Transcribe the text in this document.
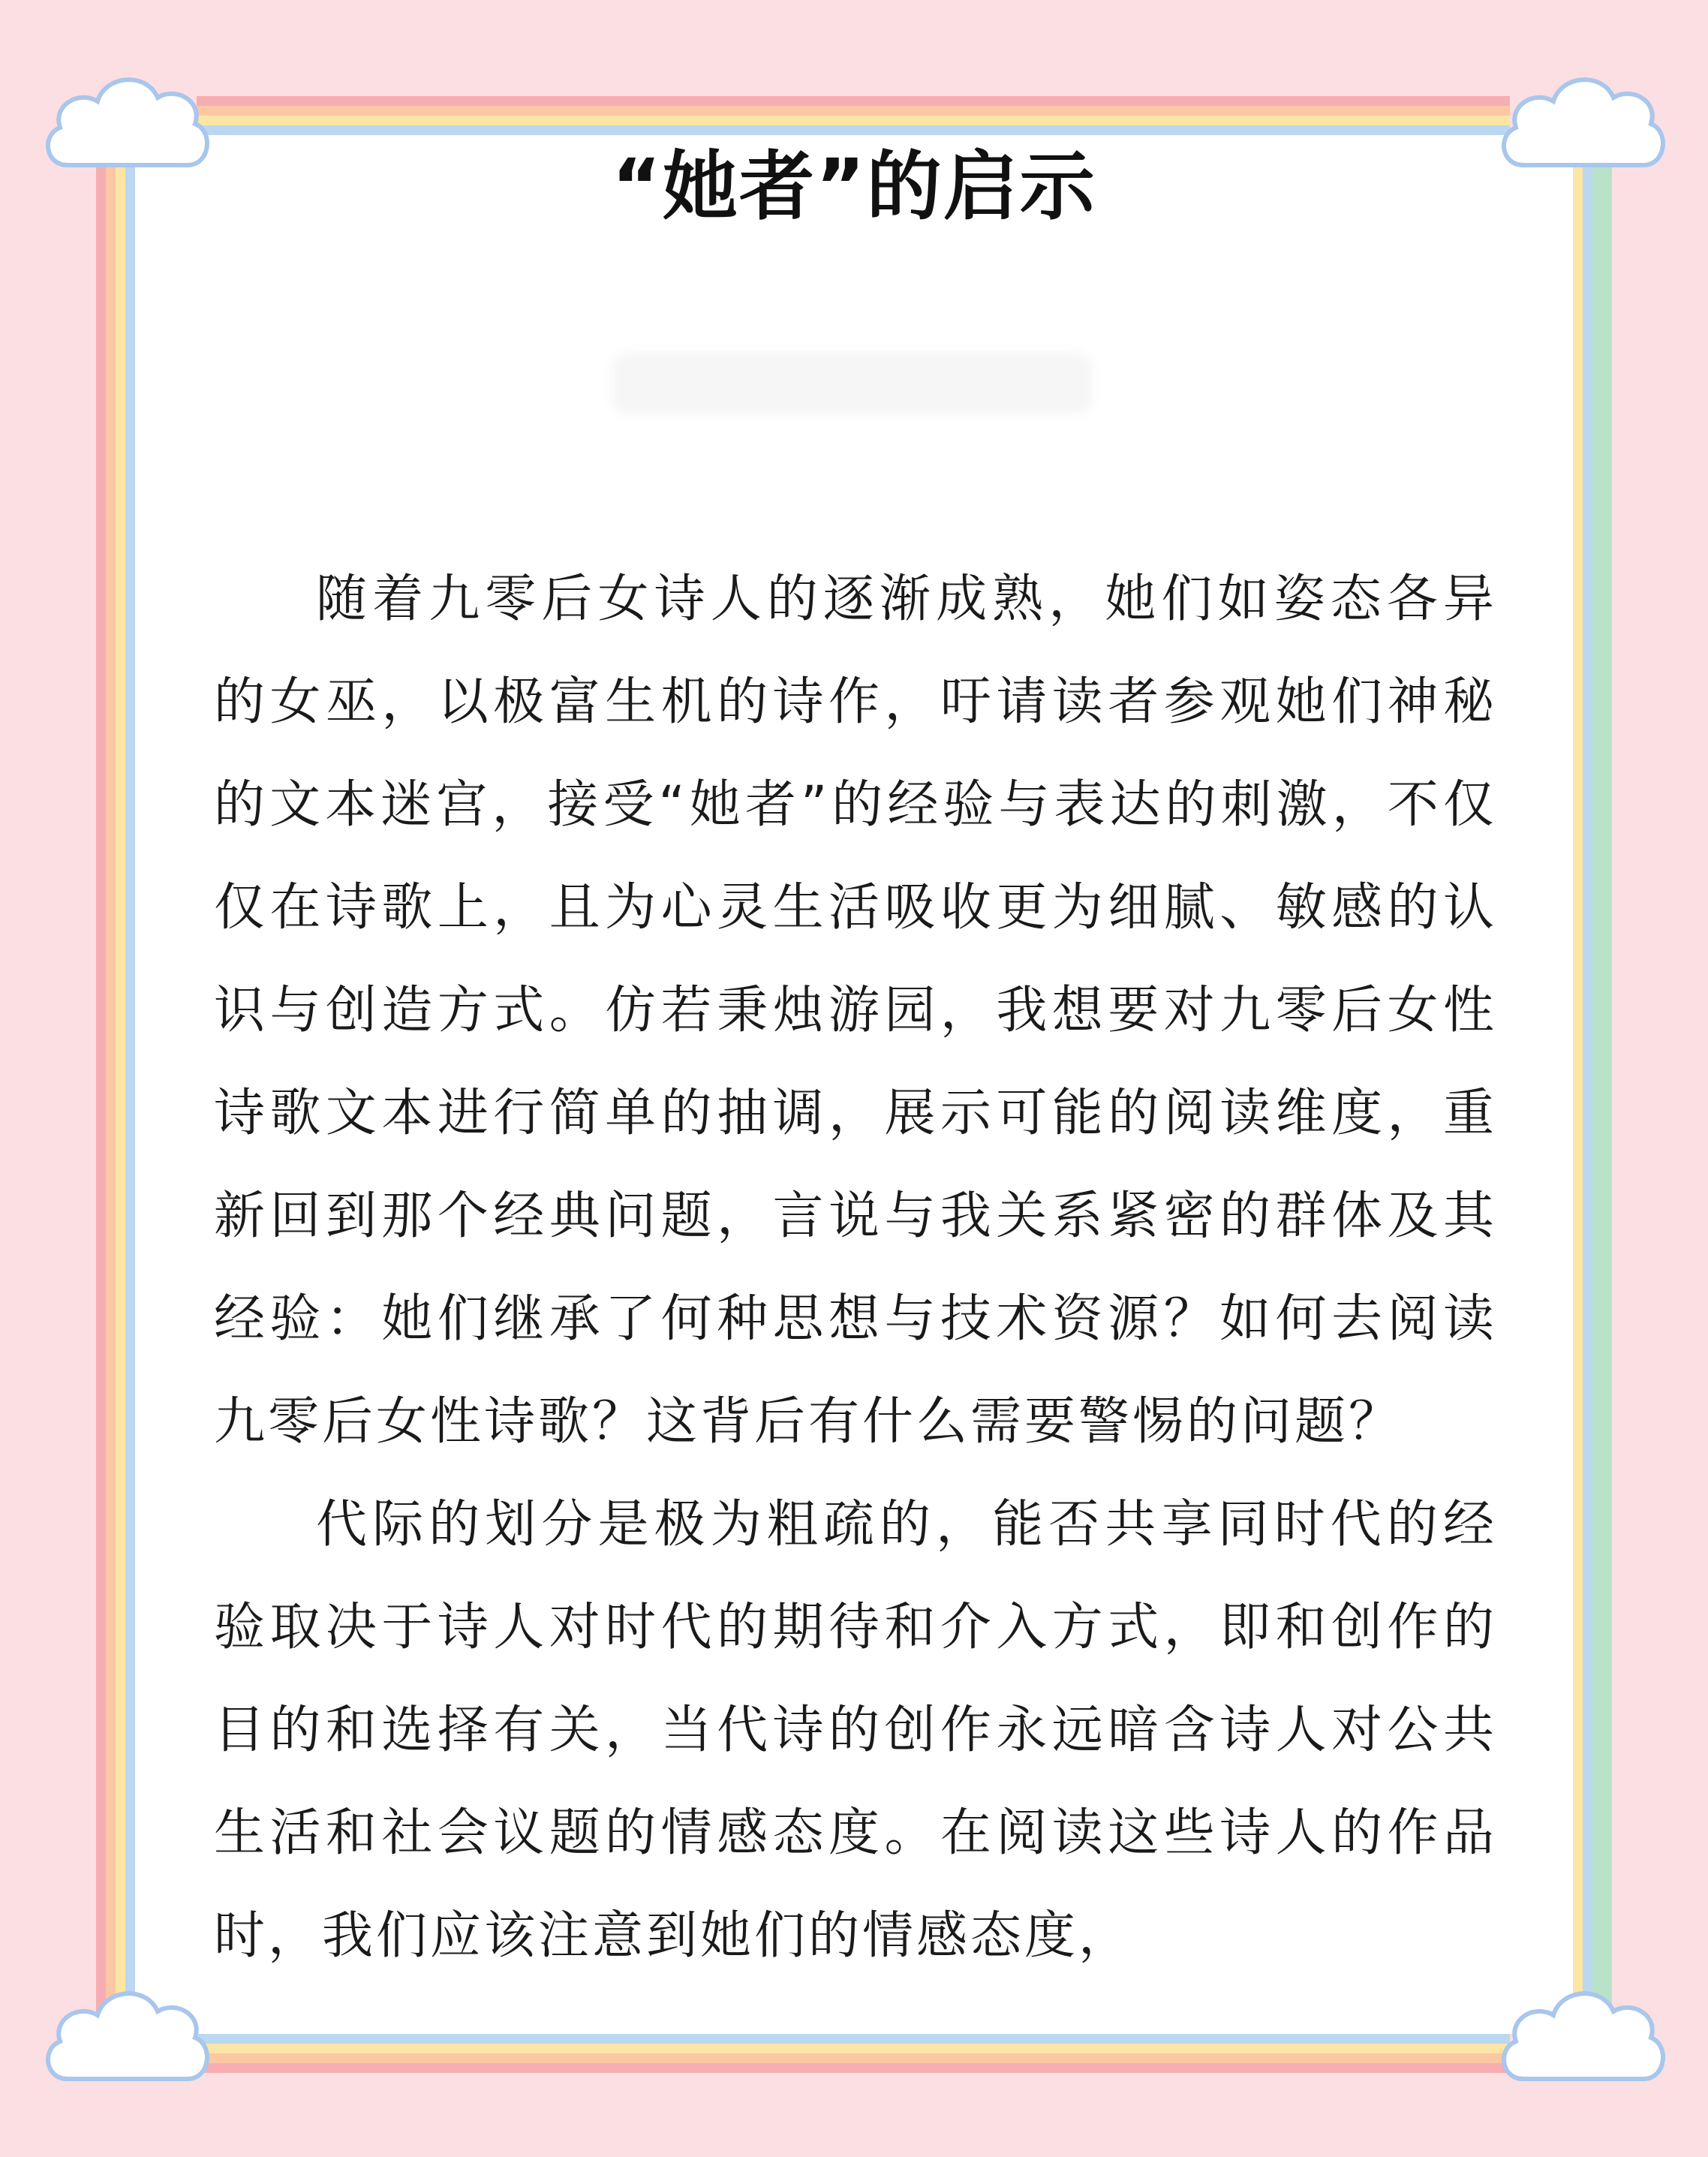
“她者”的启示

随着九零后女诗人的逐渐成熟，她们如姿态各异的女巫，以极富生机的诗作，吁请读者参观她们神秘的文本迷宫，接受“她者”的经验与表达的刺激，不仅仅在诗歌上，且为心灵生活吸收更为细腻、敏感的认识与创造方式。仿若秉烛游园，我想要对九零后女性诗歌文本进行简单的抽调，展示可能的阅读维度，重新回到那个经典问题，言说与我关系紧密的群体及其经验：她们继承了何种思想与技术资源？如何去阅读九零后女性诗歌？这背后有什么需要警惕的问题？

代际的划分是极为粗疏的，能否共享同时代的经验取决于诗人对时代的期待和介入方式，即和创作的目的和选择有关，当代诗的创作永远暗含诗人对公共生活和社会议题的情感态度。在阅读这些诗人的作品时，我们应该注意到她们的情感态度，
